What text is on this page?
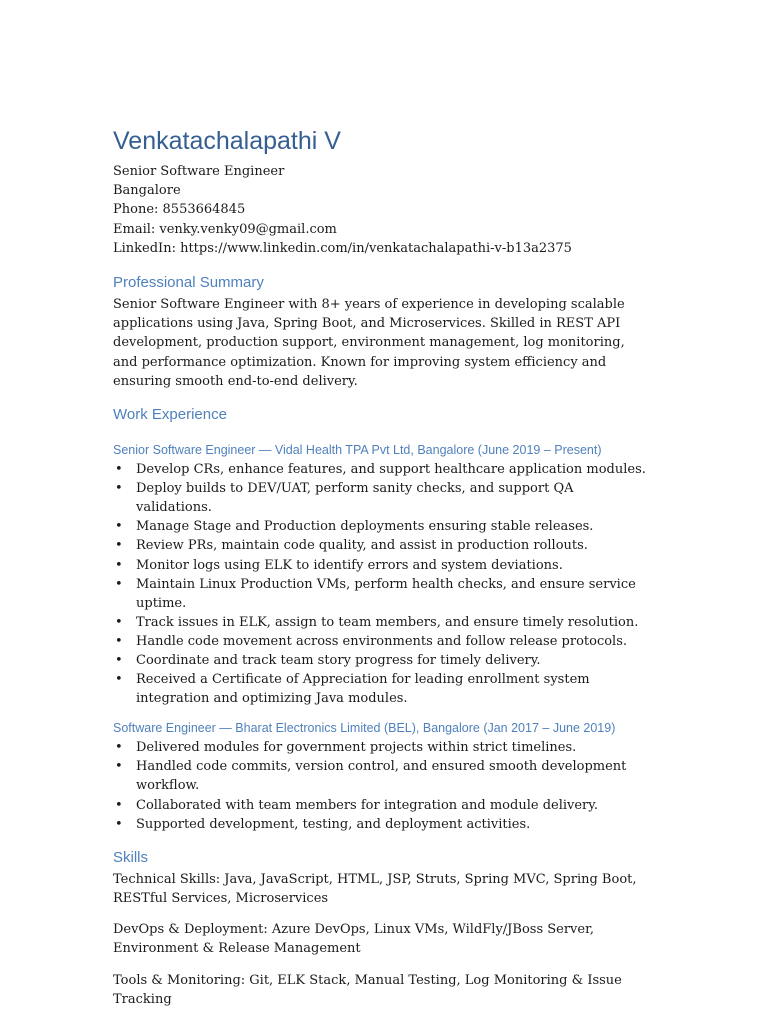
Venkatachalapathi V
Senior Software Engineer
Bangalore
Phone: 8553664845
Email: venky.venky09@gmail.com
LinkedIn: https://www.linkedin.com/in/venkatachalapathi-v-b13a2375
Professional Summary
Senior Software Engineer with 8+ years of experience in developing scalable applications using Java, Spring Boot, and Microservices. Skilled in REST API development, production support, environment management, log monitoring, and performance optimization. Known for improving system efficiency and ensuring smooth end-to-end delivery.
Work Experience
Senior Software Engineer — Vidal Health TPA Pvt Ltd, Bangalore (June 2019 – Present)
• Develop CRs, enhance features, and support healthcare application modules.
• Deploy builds to DEV/UAT, perform sanity checks, and support QA validations.
• Manage Stage and Production deployments ensuring stable releases.
• Review PRs, maintain code quality, and assist in production rollouts.
• Monitor logs using ELK to identify errors and system deviations.
• Maintain Linux Production VMs, perform health checks, and ensure service uptime.
• Track issues in ELK, assign to team members, and ensure timely resolution.
• Handle code movement across environments and follow release protocols.
• Coordinate and track team story progress for timely delivery.
• Received a Certificate of Appreciation for leading enrollment system integration and optimizing Java modules.
Software Engineer — Bharat Electronics Limited (BEL), Bangalore (Jan 2017 – June 2019)
• Delivered modules for government projects within strict timelines.
• Handled code commits, version control, and ensured smooth development workflow.
• Collaborated with team members for integration and module delivery.
• Supported development, testing, and deployment activities.
Skills
Technical Skills: Java, JavaScript, HTML, JSP, Struts, Spring MVC, Spring Boot, RESTful Services, Microservices
DevOps & Deployment: Azure DevOps, Linux VMs, WildFly/JBoss Server, Environment & Release Management
Tools & Monitoring: Git, ELK Stack, Manual Testing, Log Monitoring & Issue Tracking
